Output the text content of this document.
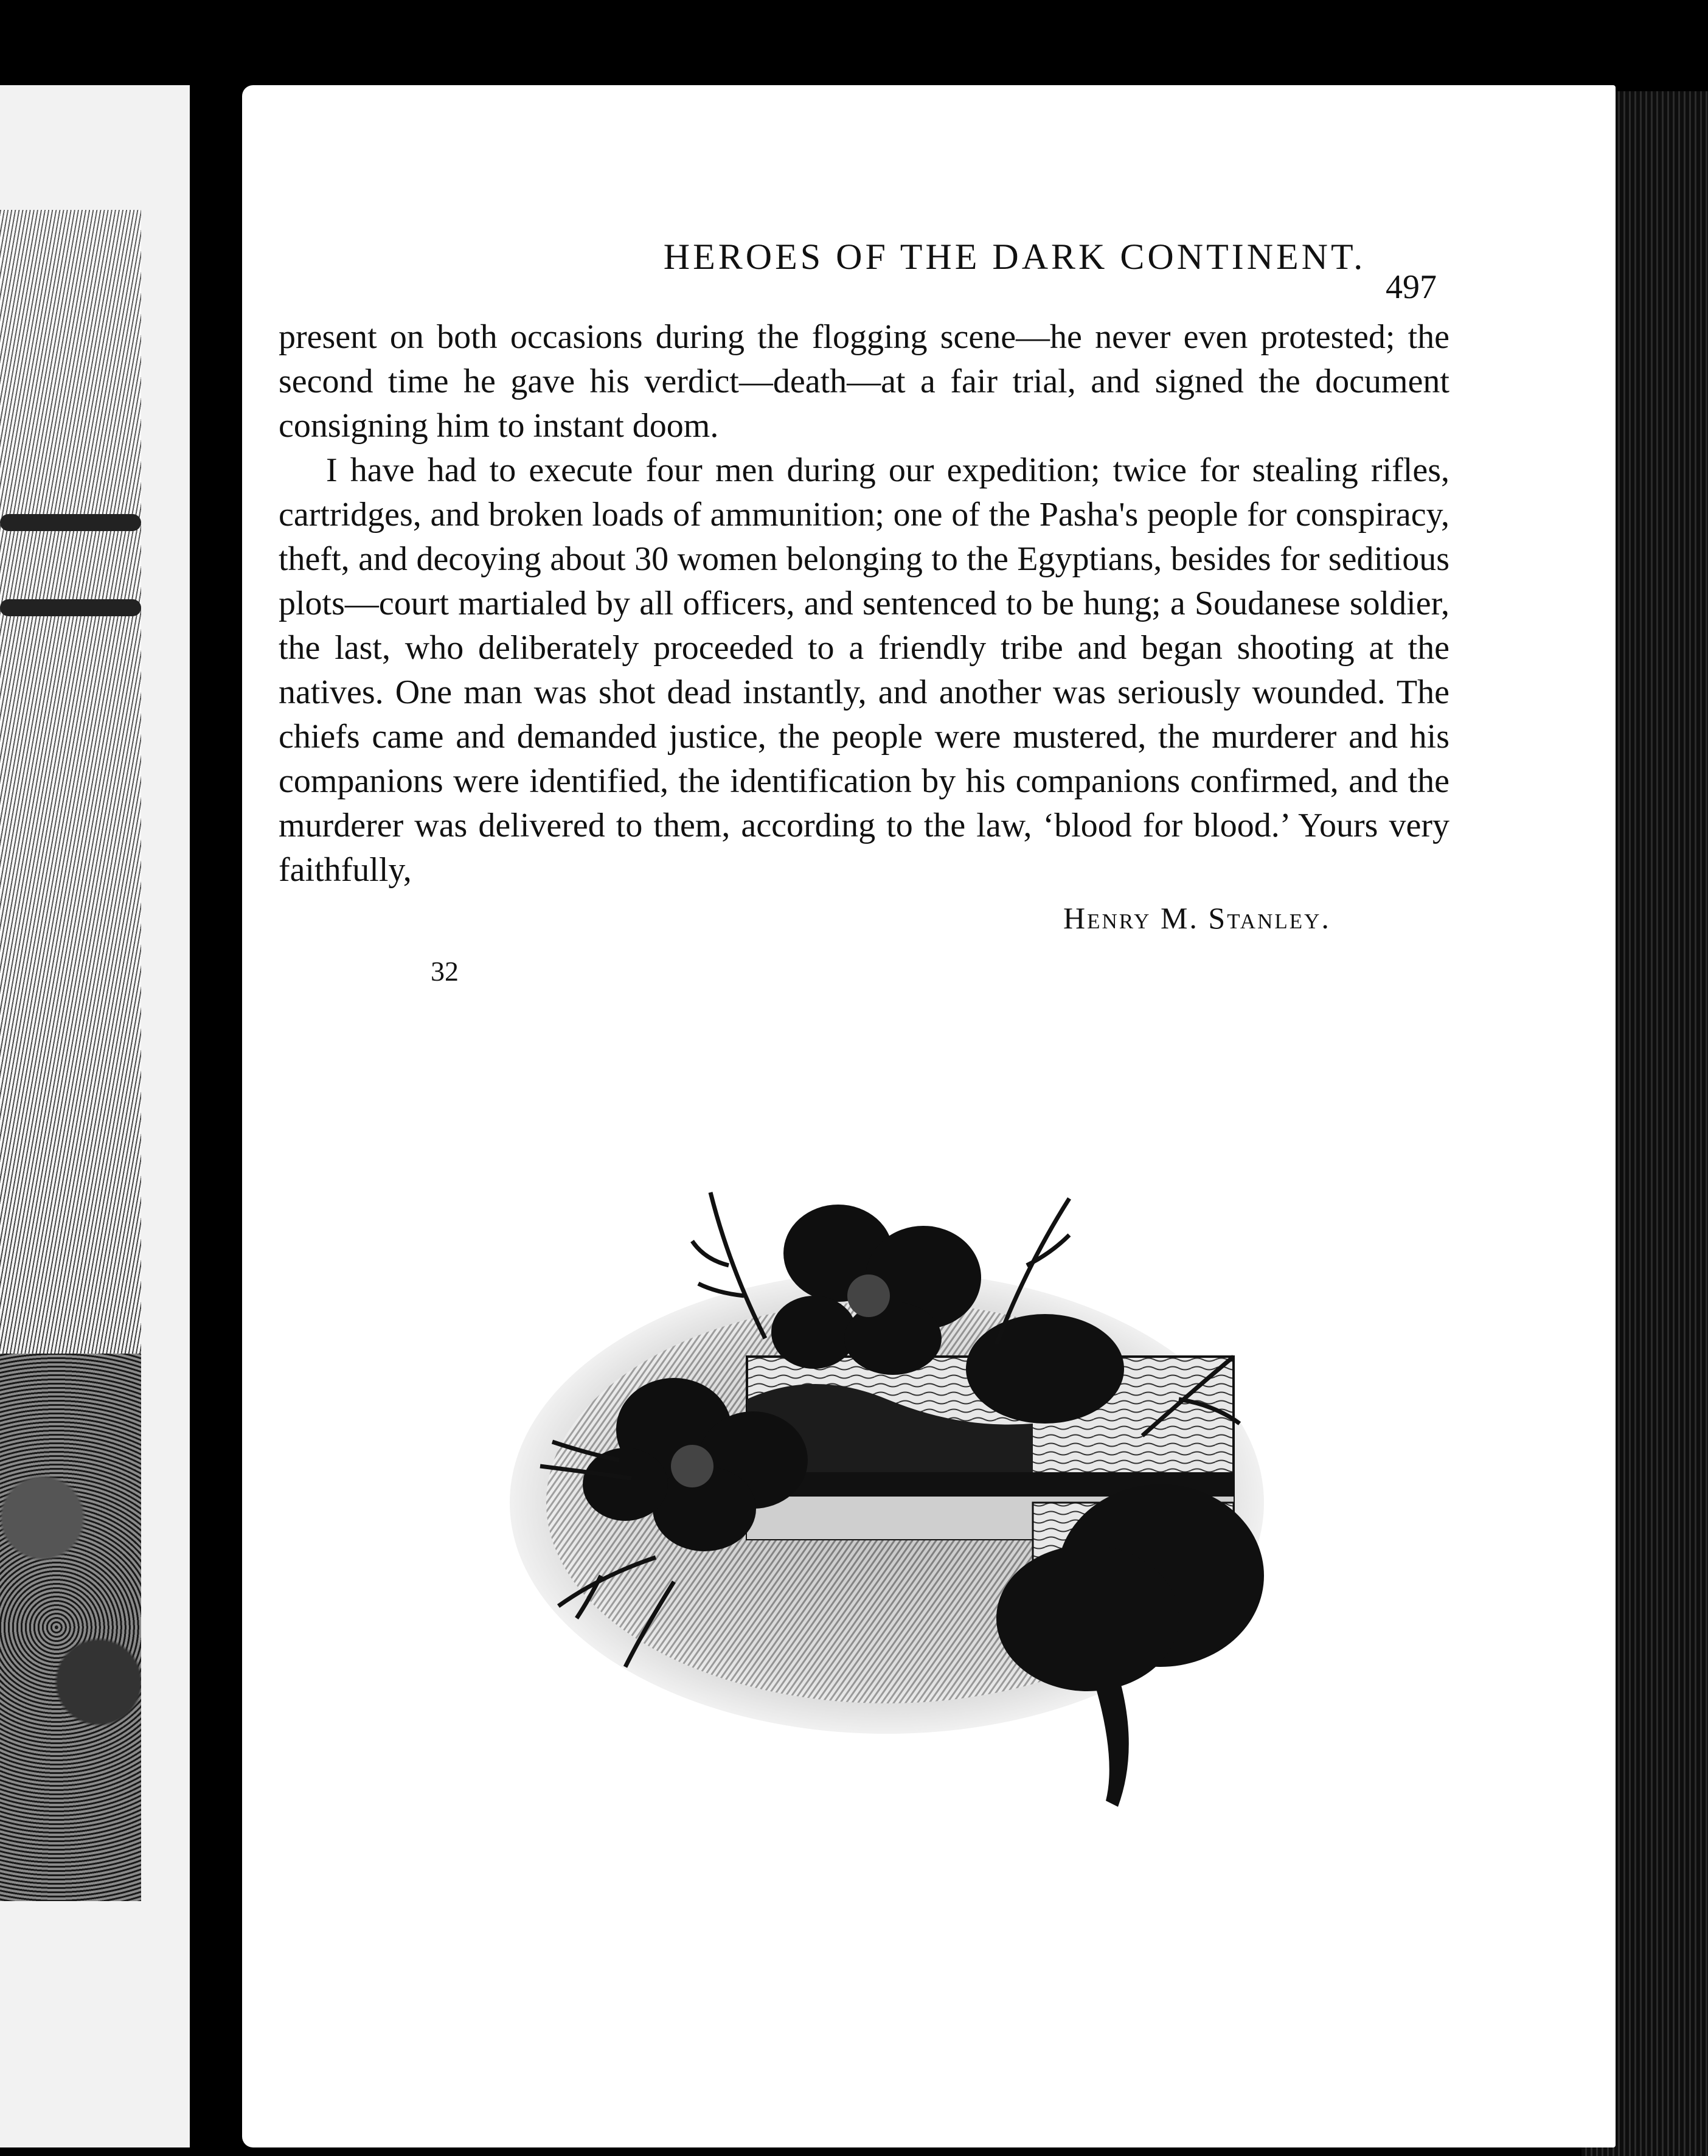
HEROES OF THE DARK CONTINENT.
497

present on both occasions during the flogging scene—he never even protested; the second time he gave his verdict—death—at a fair trial, and signed the document consigning him to instant doom.

I have had to execute four men during our expedition; twice for stealing rifles, cartridges, and broken loads of ammunition; one of the Pasha's people for conspiracy, theft, and decoying about 30 women belonging to the Egyptians, besides for seditious plots—court martialed by all officers, and sentenced to be hung; a Soudanese soldier, the last, who deliberately proceeded to a friendly tribe and began shooting at the natives. One man was shot dead instantly, and another was seriously wounded. The chiefs came and demanded justice, the people were mustered, the murderer and his companions were identified, the identification by his companions confirmed, and the murderer was delivered to them, according to the law, ‘blood for blood.’ Yours very faithfully,

Henry M. Stanley.
32
